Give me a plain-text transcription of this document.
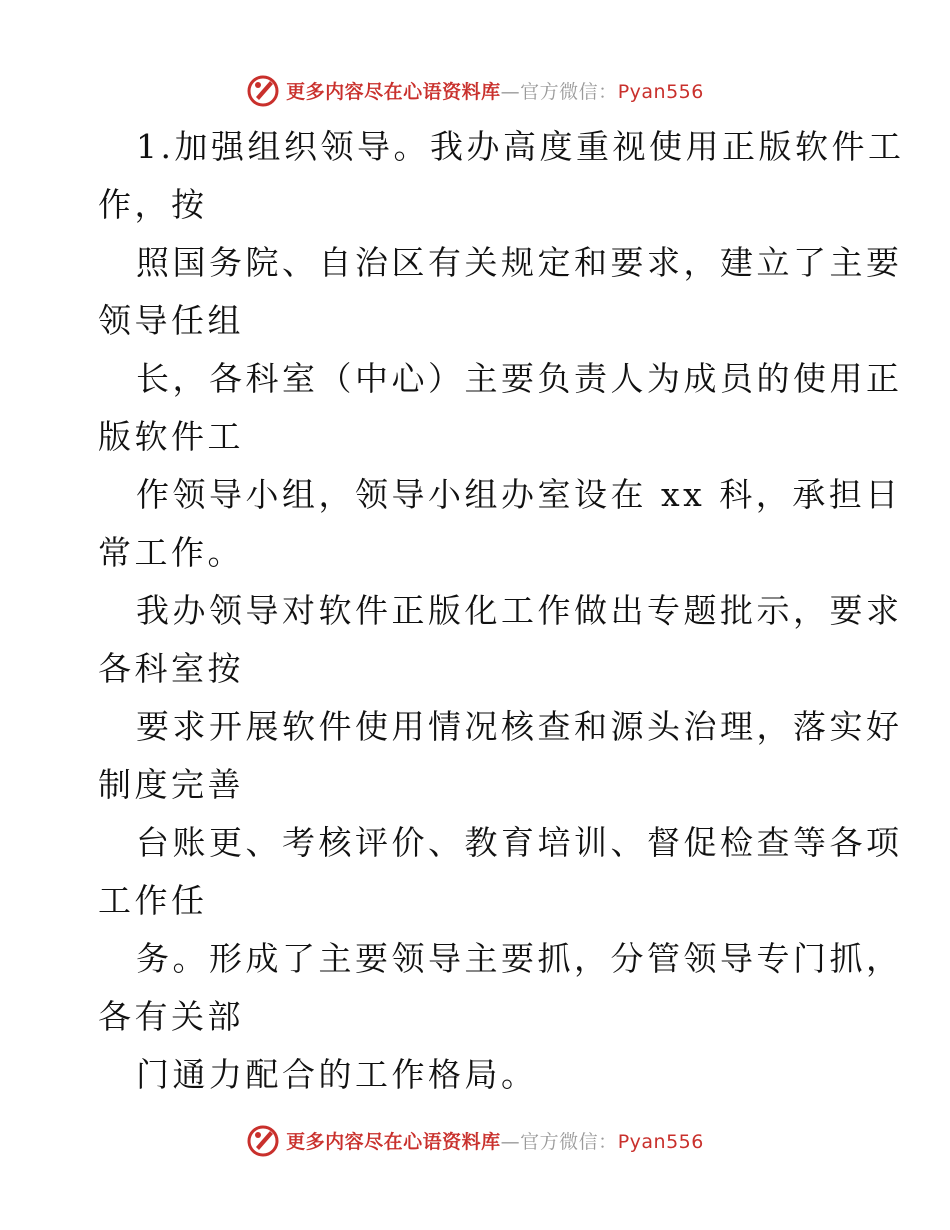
更多内容尽在心语资料库—官方微信：Pyan556
1.加强组织领导。我办高度重视使用正版软件工
作，按
照国务院、自治区有关规定和要求，建立了主要
领导任组
长，各科室（中心）主要负责人为成员的使用正
版软件工
作领导小组，领导小组办室设在 xx 科，承担日
常工作。
我办领导对软件正版化工作做出专题批示，要求
各科室按
要求开展软件使用情况核查和源头治理，落实好
制度完善
台账更、考核评价、教育培训、督促检查等各项
工作任
务。形成了主要领导主要抓，分管领导专门抓，
各有关部
门通力配合的工作格局。
更多内容尽在心语资料库—官方微信：Pyan556
